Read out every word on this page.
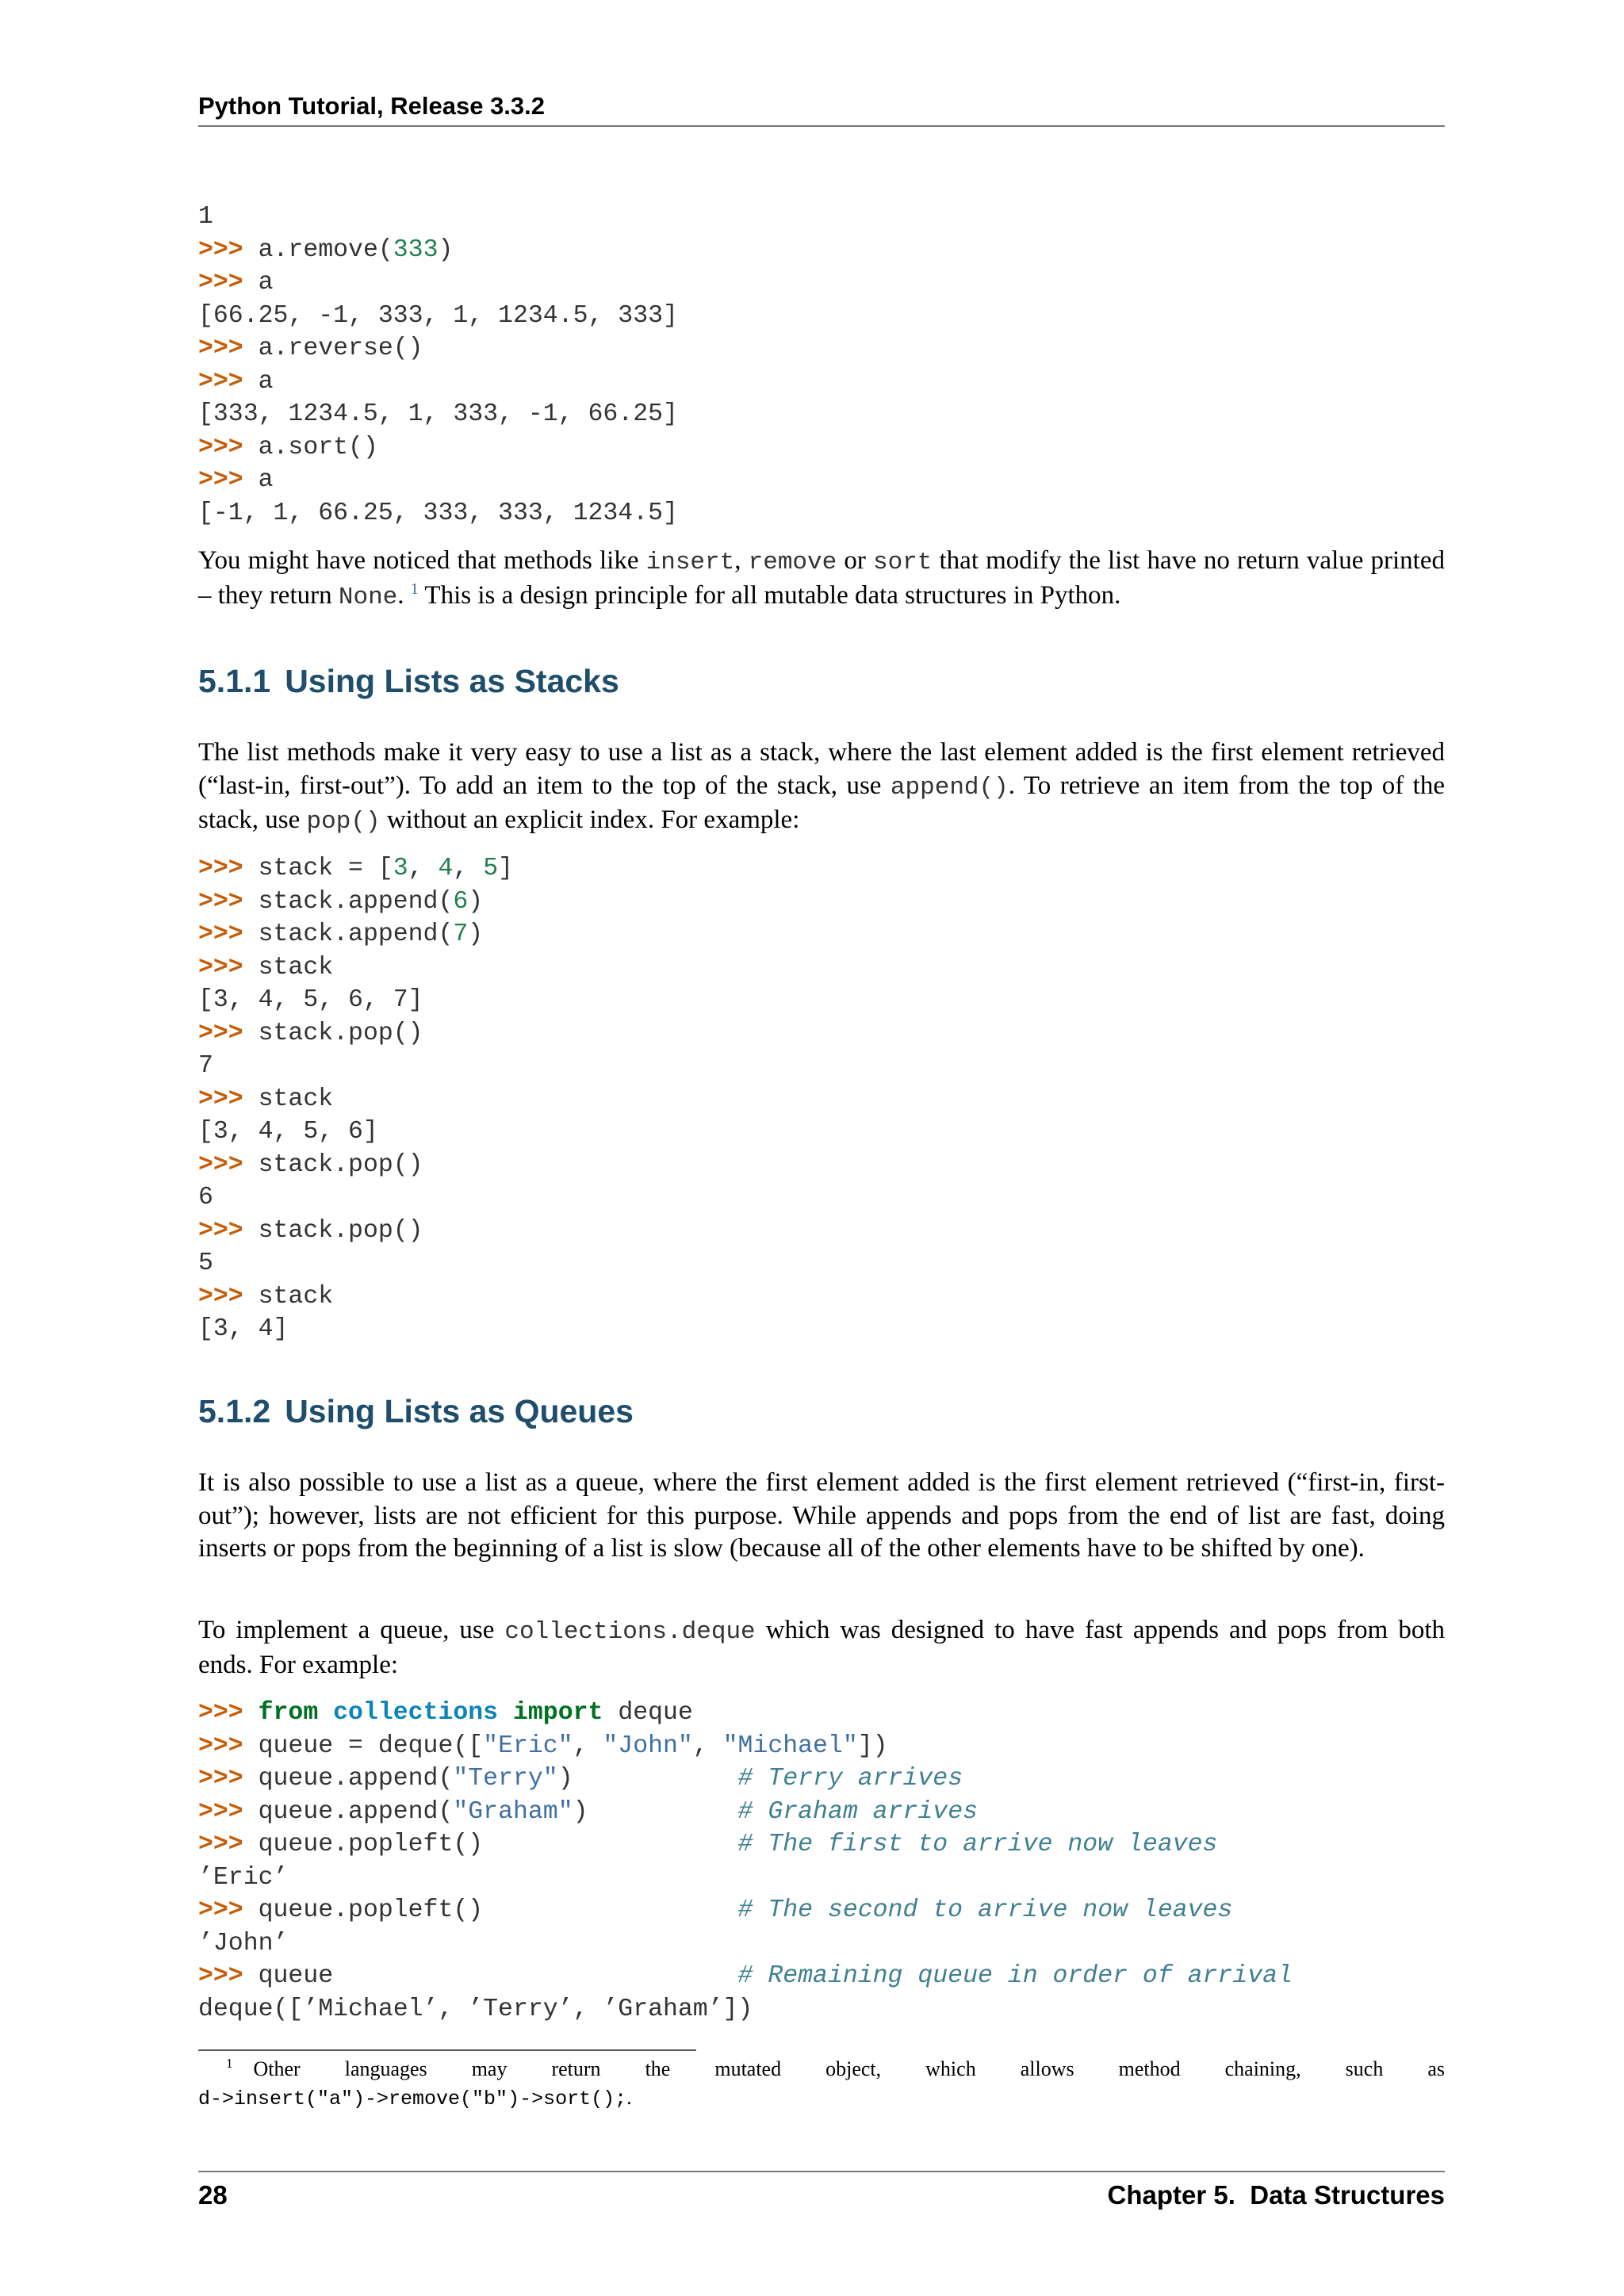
Python Tutorial, Release 3.3.2
1
>>> a.remove(333)
>>> a
[66.25, -1, 333, 1, 1234.5, 333]
>>> a.reverse()
>>> a
[333, 1234.5, 1, 333, -1, 66.25]
>>> a.sort()
>>> a
[-1, 1, 66.25, 333, 333, 1234.5]

You might have noticed that methods like insert, remove or sort that modify the list have no return value printed – they return None. $^1$ This is a design principle for all mutable data structures in Python.

5.1.1 Using Lists as Stacks

The list methods make it very easy to use a list as a stack, where the last element added is the first element retrieved (“last-in, first-out”). To add an item to the top of the stack, use append(). To retrieve an item from the top of the stack, use pop() without an explicit index. For example:

>>> stack = [3, 4, 5]
>>> stack.append(6)
>>> stack.append(7)
>>> stack
[3, 4, 5, 6, 7]
>>> stack.pop()
7
>>> stack
[3, 4, 5, 6]
>>> stack.pop()
6
>>> stack.pop()
5
>>> stack
[3, 4]
5.1.2 Using Lists as Queues

It is also possible to use a list as a queue, where the first element added is the first element retrieved (“first-in, first-out”); however, lists are not efficient for this purpose. While appends and pops from the end of list are fast, doing inserts or pops from the beginning of a list is slow (because all of the other elements have to be shifted by one).

To implement a queue, use collections.deque which was designed to have fast appends and pops from both ends. For example:

>>> from collections import deque
>>> queue = deque(["Eric", "John", "Michael"])
>>> queue.append("Terry")	# Terry arrives
>>> queue.append("Graham")	# Graham arrives
>>> queue.popleft()	# The first to arrive now leaves
’Eric’
>>> queue.popleft()	# The second to arrive now leaves
’John’
>>> queue	# Remaining queue in order of arrival
deque([’Michael’, ’Terry’, ’Graham’])

$^1$ Other languages may return the mutated object, which allows method chaining, such as
d->insert("a")->remove("b")->sort();.

28	Chapter 5.  Data Structures
